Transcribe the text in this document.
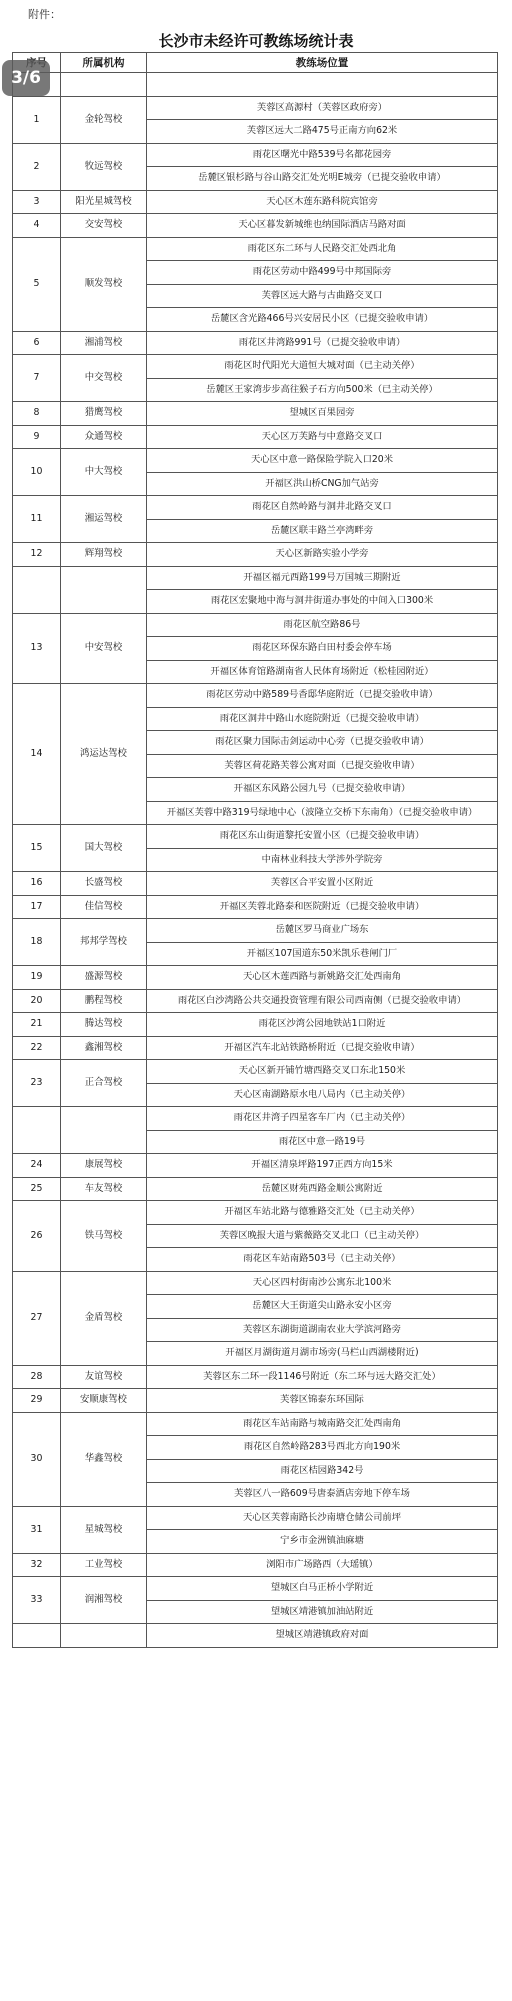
附件：
长沙市未经许可教练场统计表
3/6
	所属机构	教练场位置

1	金轮驾校	芙蓉区高源村（芙蓉区政府旁）
		芙蓉区远大二路475号正南方向62米
2	牧远驾校	雨花区曙光中路539号名都花园旁
		岳麓区银杉路与谷山路交汇处光明E城旁（已提交验收申请）
3	阳光星城驾校	天心区木莲东路科院宾馆旁
4	交安驾校	天心区暮发新城维也纳国际酒店马路对面
5	顺发驾校	雨花区东二环与人民路交汇处西北角
		雨花区劳动中路499号中邦国际旁
		芙蓉区远大路与古曲路交叉口
		岳麓区含光路466号兴安居民小区（已提交验收申请）
6	湘浦驾校	雨花区井湾路991号（已提交验收申请）
7	中交驾校	雨花区时代阳光大道恒大城对面（已主动关停）
		岳麓区王家湾步步高往猴子石方向500米（已主动关停）
8	猎鹰驾校	望城区百果园旁
9	众通驾校	天心区万芙路与中意路交叉口
10	中大驾校	天心区中意一路保险学院入口20米
		开福区洪山桥CNG加气站旁
11	湘运驾校	雨花区自然岭路与洞井北路交叉口
		岳麓区联丰路兰亭湾畔旁
12	辉翔驾校	天心区新路实验小学旁
		开福区福元西路199号万国城三期附近
		雨花区宏聚地中海与洞井街道办事处的中间入口300米
13	中安驾校	雨花区航空路86号
		雨花区环保东路白田村委会停车场
		开福区体育馆路湖南省人民体育场附近（松桂园附近）
14	鸿运达驾校	雨花区劳动中路589号香邸华庭附近（已提交验收申请）
		雨花区洞井中路山水庭院附近（已提交验收申请）
		雨花区聚力国际击剑运动中心旁（已提交验收申请）
		芙蓉区荷花路芙蓉公寓对面（已提交验收申请）
		开福区东风路公园九号（已提交验收申请）
		开福区芙蓉中路319号绿地中心（波隆立交桥下东南角）（已提交验收申请）
15	国大驾校	雨花区东山街道黎托安置小区（已提交验收申请）
		中南林业科技大学涉外学院旁
16	长盛驾校	芙蓉区合平安置小区附近
17	佳信驾校	开福区芙蓉北路泰和医院附近（已提交验收申请）
18	邦邦学驾校	岳麓区罗马商业广场东
		开福区107国道东50米凯乐巷闸门厂
19	盛源驾校	天心区木莲西路与新姚路交汇处西南角
20	鹏程驾校	雨花区白沙湾路公共交通投资管理有限公司西南侧（已提交验收申请）
21	腾达驾校	雨花区沙湾公园地铁站1口附近
22	鑫湘驾校	开福区汽车北站铁路桥附近（已提交验收申请）
23	正合驾校	天心区新开铺竹塘西路交叉口东北150米
		天心区南湖路原水电八局内（已主动关停）
		雨花区井湾子四星客车厂内（已主动关停）
		雨花区中意一路19号
24	康展驾校	开福区清泉坪路197正西方向15米
25	车友驾校	岳麓区财苑西路金顺公寓附近
26	铁马驾校	开福区车站北路与德雅路交汇处（已主动关停）
		芙蓉区晚报大道与紫薇路交叉北口（已主动关停）
		雨花区车站南路503号（已主动关停）
27	金盾驾校	天心区四村街南沙公寓东北100米
		岳麓区大王街道尖山路永安小区旁
		芙蓉区东湖街道湖南农业大学滨河路旁
		开福区月湖街道月湖市场旁(马栏山西湖楼附近)
28	友谊驾校	芙蓉区东二环一段1146号附近（东二环与远大路交汇处）
29	安顺康驾校	芙蓉区锦泰东环国际
30	华鑫驾校	雨花区车站南路与城南路交汇处西南角
		雨花区自然岭路283号西北方向190米
		雨花区桔园路342号
		芙蓉区八一路609号唐泰酒店旁地下停车场
31	星城驾校	天心区芙蓉南路长沙南塘仓储公司前坪
		宁乡市金洲镇油麻塘
32	工业驾校	浏阳市广场路西（大瑶镇）
33	润湘驾校	望城区白马正桥小学附近
		望城区靖港镇加油站附近
		望城区靖港镇政府对面
